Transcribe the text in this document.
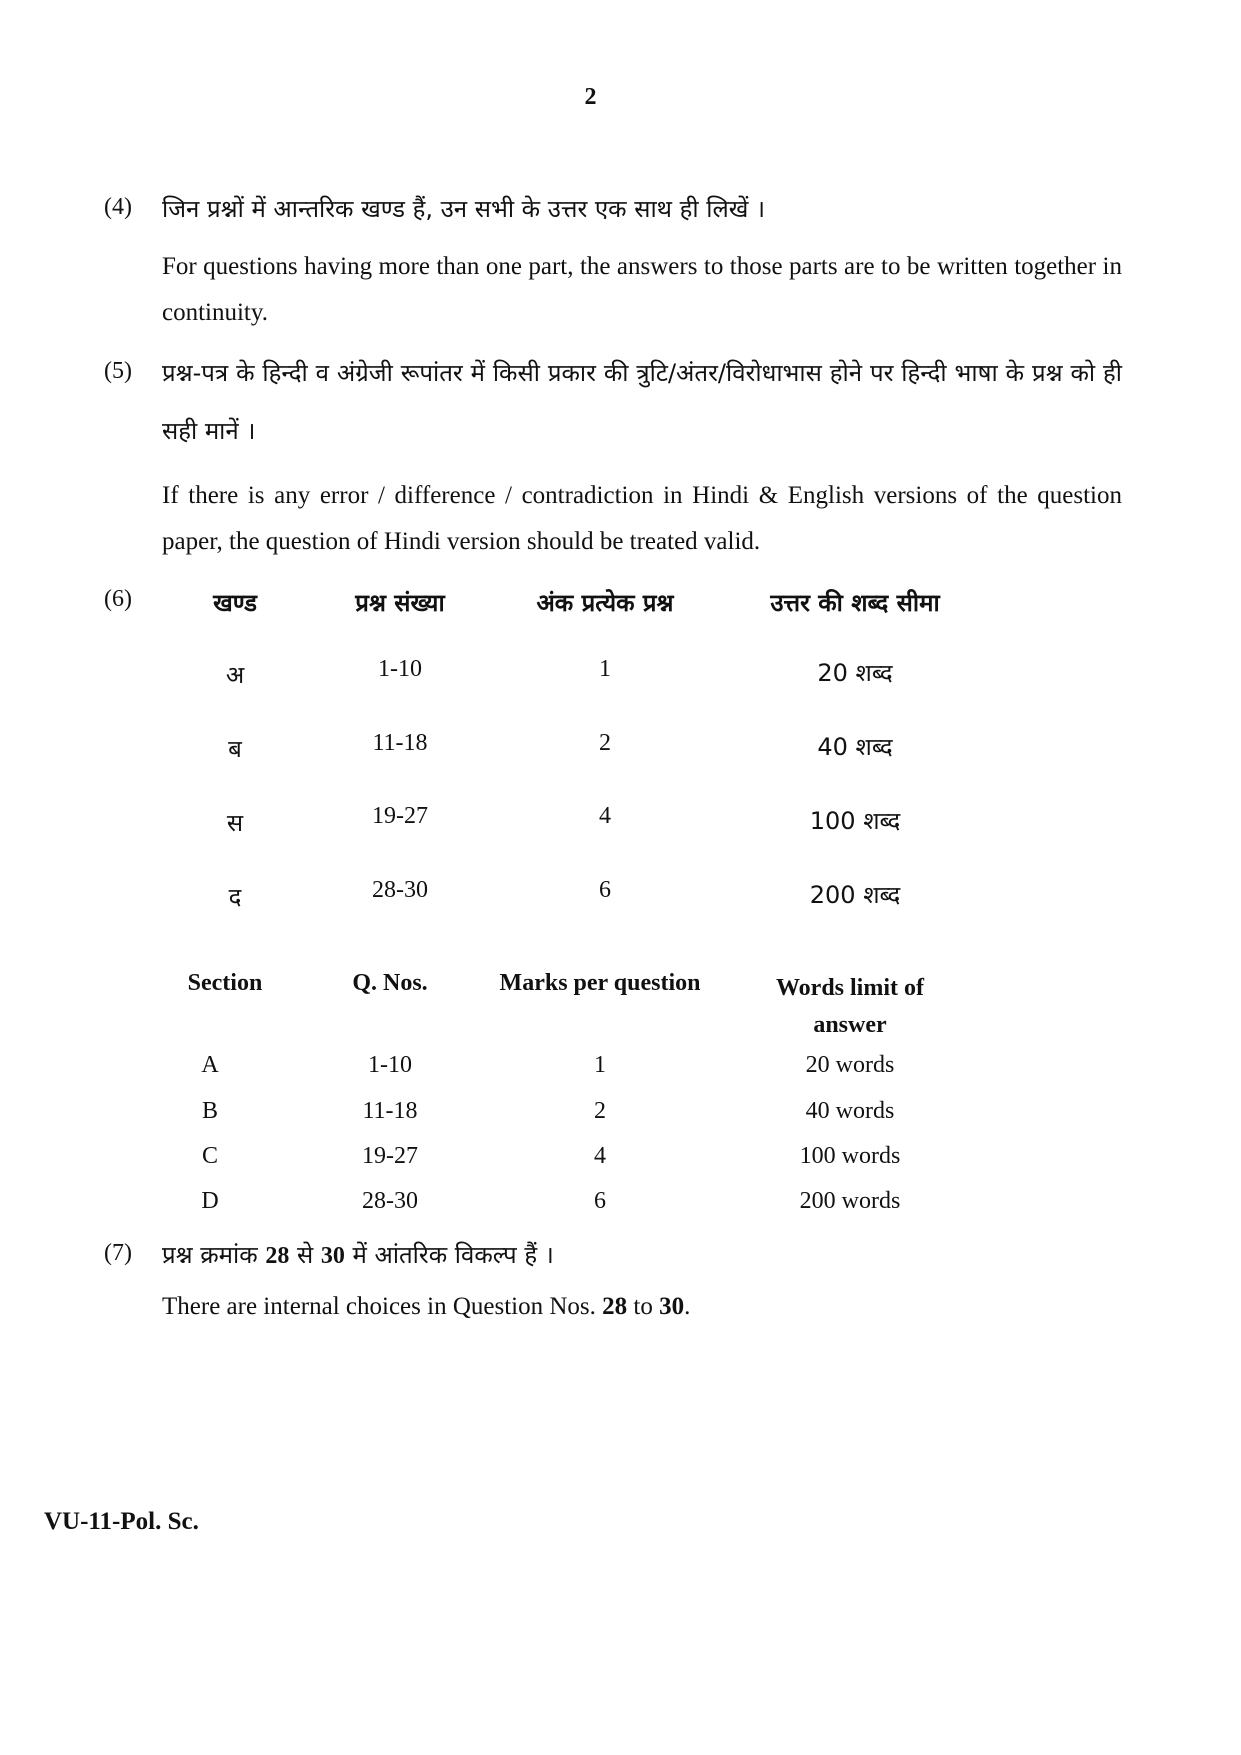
2
(4) जिन प्रश्नों में आन्तरिक खण्ड हैं, उन सभी के उत्तर एक साथ ही लिखें ।
For questions having more than one part, the answers to those parts are to be written together in continuity.
(5) प्रश्न-पत्र के हिन्दी व अंग्रेजी रूपांतर में किसी प्रकार की त्रुटि/अंतर/विरोधाभास होने पर हिन्दी भाषा के प्रश्न को ही सही मानें ।
If there is any error / difference / contradiction in Hindi & English versions of the question paper, the question of Hindi version should be treated valid.
(6)	खण्ड	प्रश्न संख्या	अंक प्रत्येक प्रश्न	उत्तर की शब्द सीमा
अ	1-10	1	20 शब्द
ब	11-18	2	40 शब्द
स	19-27	4	100 शब्द
द	28-30	6	200 शब्द
Section	Q. Nos.	Marks per question	Words limit of answer
A	1-10	1	20 words
B	11-18	2	40 words
C	19-27	4	100 words
D	28-30	6	200 words
(7) प्रश्न क्रमांक 28 से 30 में आंतरिक विकल्प हैं ।
There are internal choices in Question Nos. 28 to 30.
VU-11-Pol. Sc.
